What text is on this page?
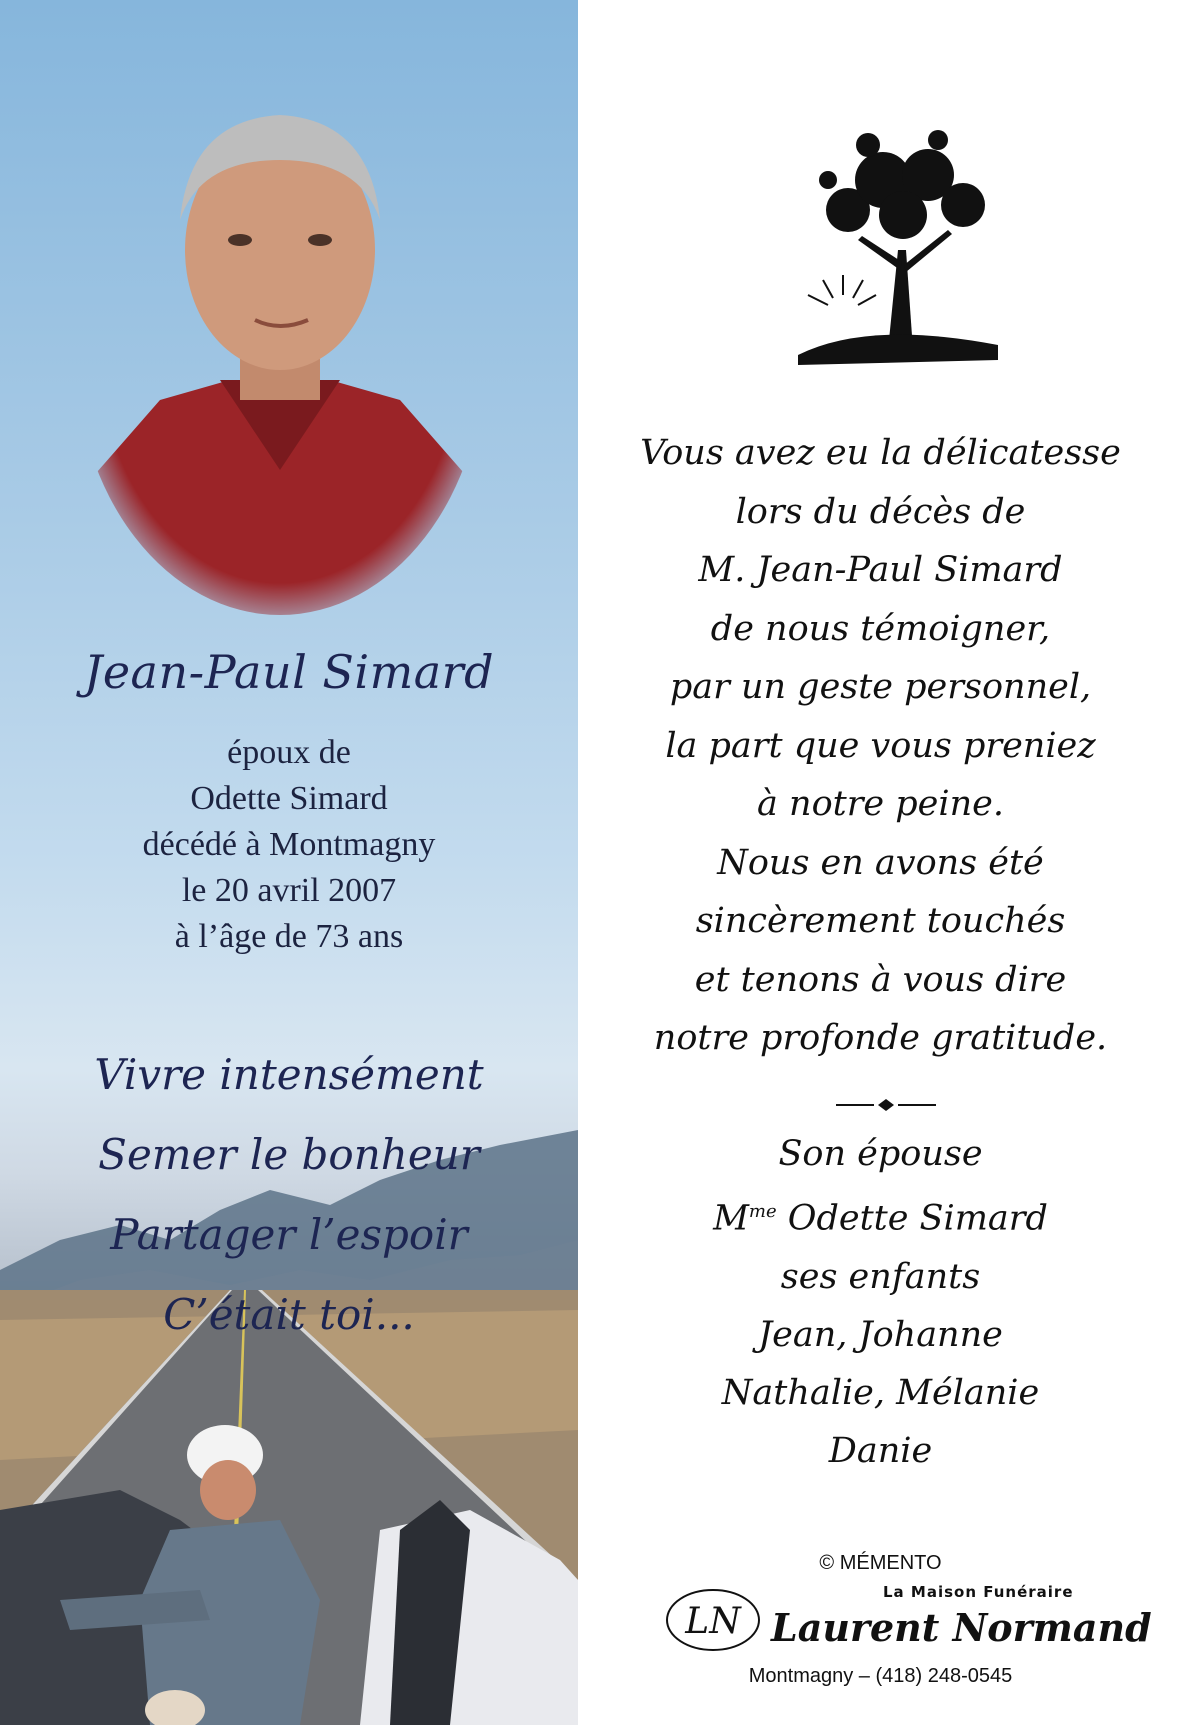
Jean-Paul Simard
époux de
Odette Simard
décédé à Montmagny
le 20 avril 2007
à l’âge de 73 ans
Vivre intensément
Semer le bonheur
Partager l’espoir
C’était toi...
Vous avez eu la délicatesse
lors du décès de
M. Jean-Paul Simard
de nous témoigner,
par un geste personnel,
la part que vous preniez
à notre peine.
Nous en avons été
sincèrement touchés
et tenons à vous dire
notre profonde gratitude.
Son épouse
$M^{me}$ Odette Simard
ses enfants
Jean, Johanne
Nathalie, Mélanie
Danie
© MÉMENTO
LN
La Maison Funéraire
Laurent Normand
Montmagny – (418) 248-0545
